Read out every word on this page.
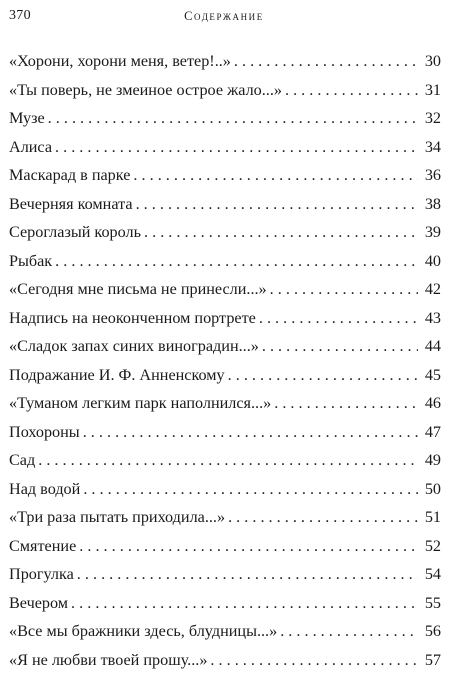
370	Содержание
«Хорони, хорони меня, ветер!..» . . .	30
«Ты поверь, не змеиное острое жало...» . . .	31
Музе . . .	32
Алиса . . .	34
Маскарад в парке . . .	36
Вечерняя комната . . .	38
Сероглазый король . . .	39
Рыбак . . .	40
«Сегодня мне письма не принесли...» . . .	42
Надпись на неоконченном портрете . . .	43
«Сладок запах синих виноградин...» . . .	44
Подражание И. Ф. Анненскому . . .	45
«Туманом легким парк наполнился...» . . .	46
Похороны . . .	47
Сад . . .	49
Над водой . . .	50
«Три раза пытать приходила...» . . .	51
Смятение . . .	52
Прогулка . . .	54
Вечером . . .	55
«Все мы бражники здесь, блудницы...» . . .	56
«Я не любви твоей прошу...» . . .	57
